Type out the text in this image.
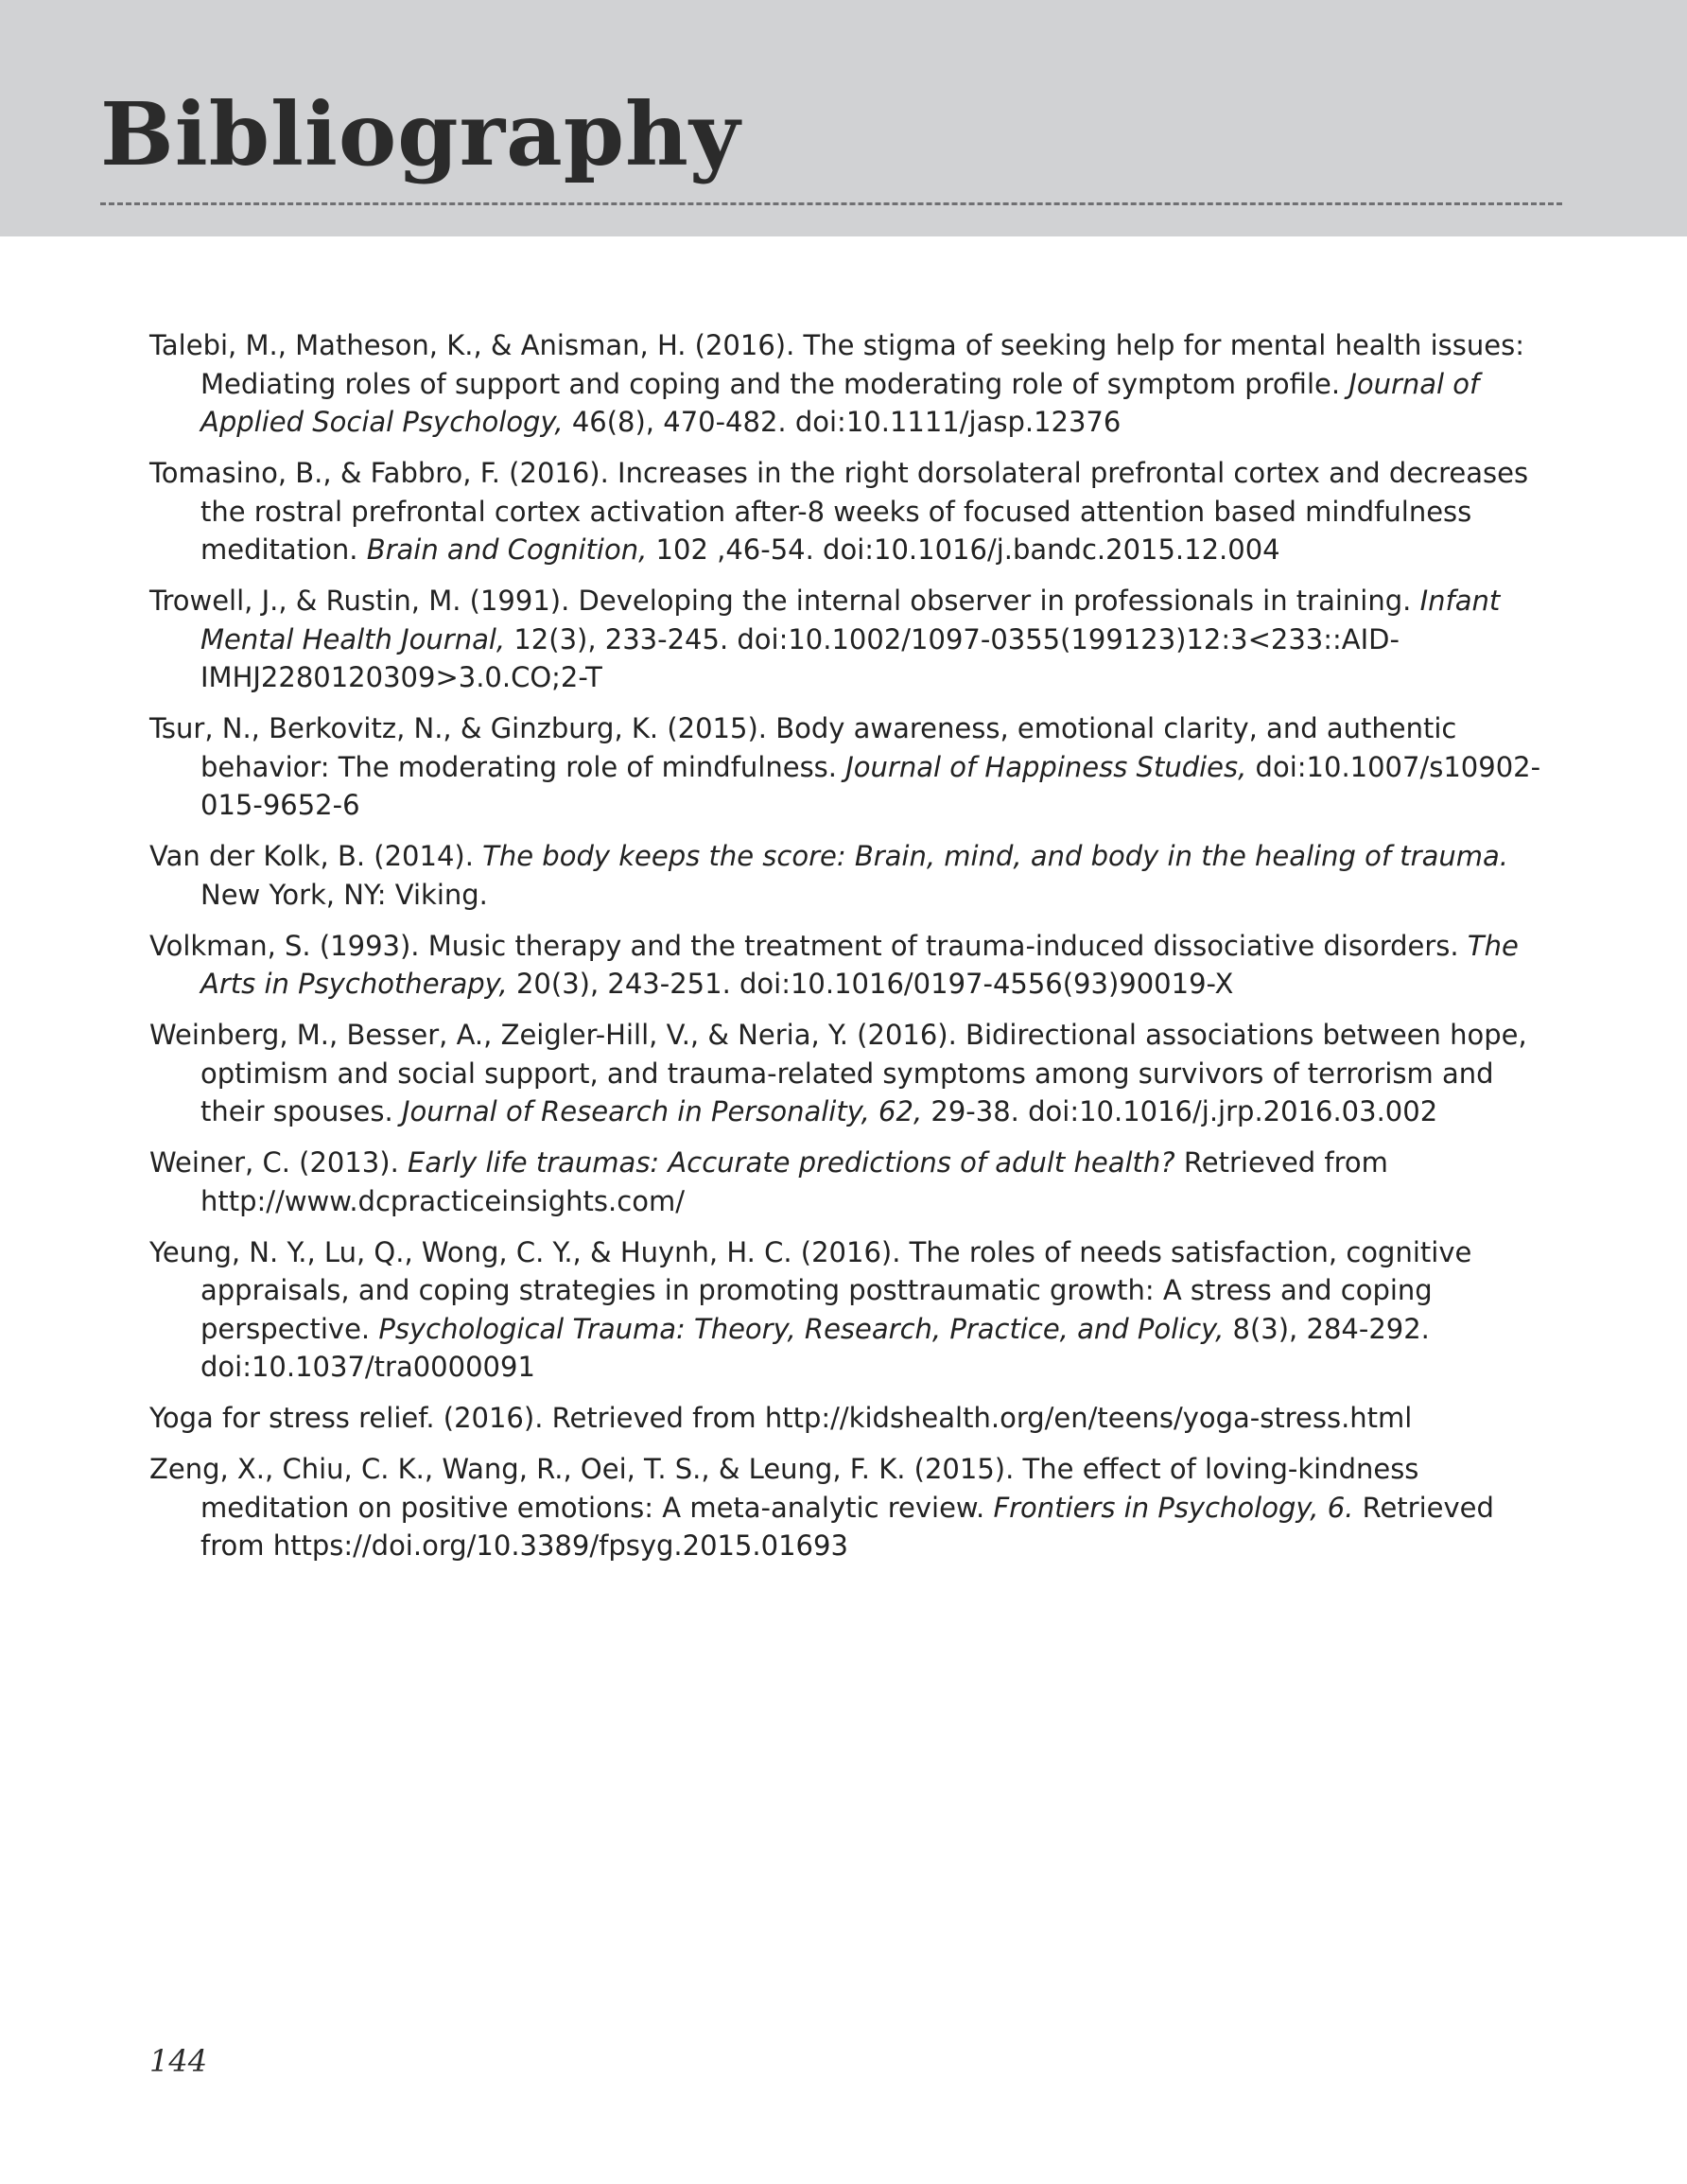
Bibliography
Talebi, M., Matheson, K., & Anisman, H. (2016). The stigma of seeking help for mental health issues: Mediating roles of support and coping and the moderating role of symptom profile. Journal of Applied Social Psychology, 46(8), 470-482. doi:10.1111/jasp.12376
Tomasino, B., & Fabbro, F. (2016). Increases in the right dorsolateral prefrontal cortex and decreases the rostral prefrontal cortex activation after-8 weeks of focused attention based mindfulness meditation. Brain and Cognition, 102 ,46-54. doi:10.1016/j.bandc.2015.12.004
Trowell, J., & Rustin, M. (1991). Developing the internal observer in professionals in training. Infant Mental Health Journal, 12(3), 233-245. doi:10.1002/1097-0355(199123)12:3<233::AID-IMHJ2280120309>3.0.CO;2-T
Tsur, N., Berkovitz, N., & Ginzburg, K. (2015). Body awareness, emotional clarity, and authentic behavior: The moderating role of mindfulness. Journal of Happiness Studies, doi:10.1007/s10902-015-9652-6
Van der Kolk, B. (2014). The body keeps the score: Brain, mind, and body in the healing of trauma. New York, NY: Viking.
Volkman, S. (1993). Music therapy and the treatment of trauma-induced dissociative disorders. The Arts in Psychotherapy, 20(3), 243-251. doi:10.1016/0197-4556(93)90019-X
Weinberg, M., Besser, A., Zeigler-Hill, V., & Neria, Y. (2016). Bidirectional associations between hope, optimism and social support, and trauma-related symptoms among survivors of terrorism and their spouses. Journal of Research in Personality, 62, 29-38. doi:10.1016/j.jrp.2016.03.002
Weiner, C. (2013). Early life traumas: Accurate predictions of adult health? Retrieved from http://www.dcpracticeinsights.com/
Yeung, N. Y., Lu, Q., Wong, C. Y., & Huynh, H. C. (2016). The roles of needs satisfaction, cognitive appraisals, and coping strategies in promoting posttraumatic growth: A stress and coping perspective. Psychological Trauma: Theory, Research, Practice, and Policy, 8(3), 284-292. doi:10.1037/tra0000091
Yoga for stress relief. (2016). Retrieved from http://kidshealth.org/en/teens/yoga-stress.html
Zeng, X., Chiu, C. K., Wang, R., Oei, T. S., & Leung, F. K. (2015). The effect of loving-kindness meditation on positive emotions: A meta-analytic review. Frontiers in Psychology, 6. Retrieved from https://doi.org/10.3389/fpsyg.2015.01693
144
